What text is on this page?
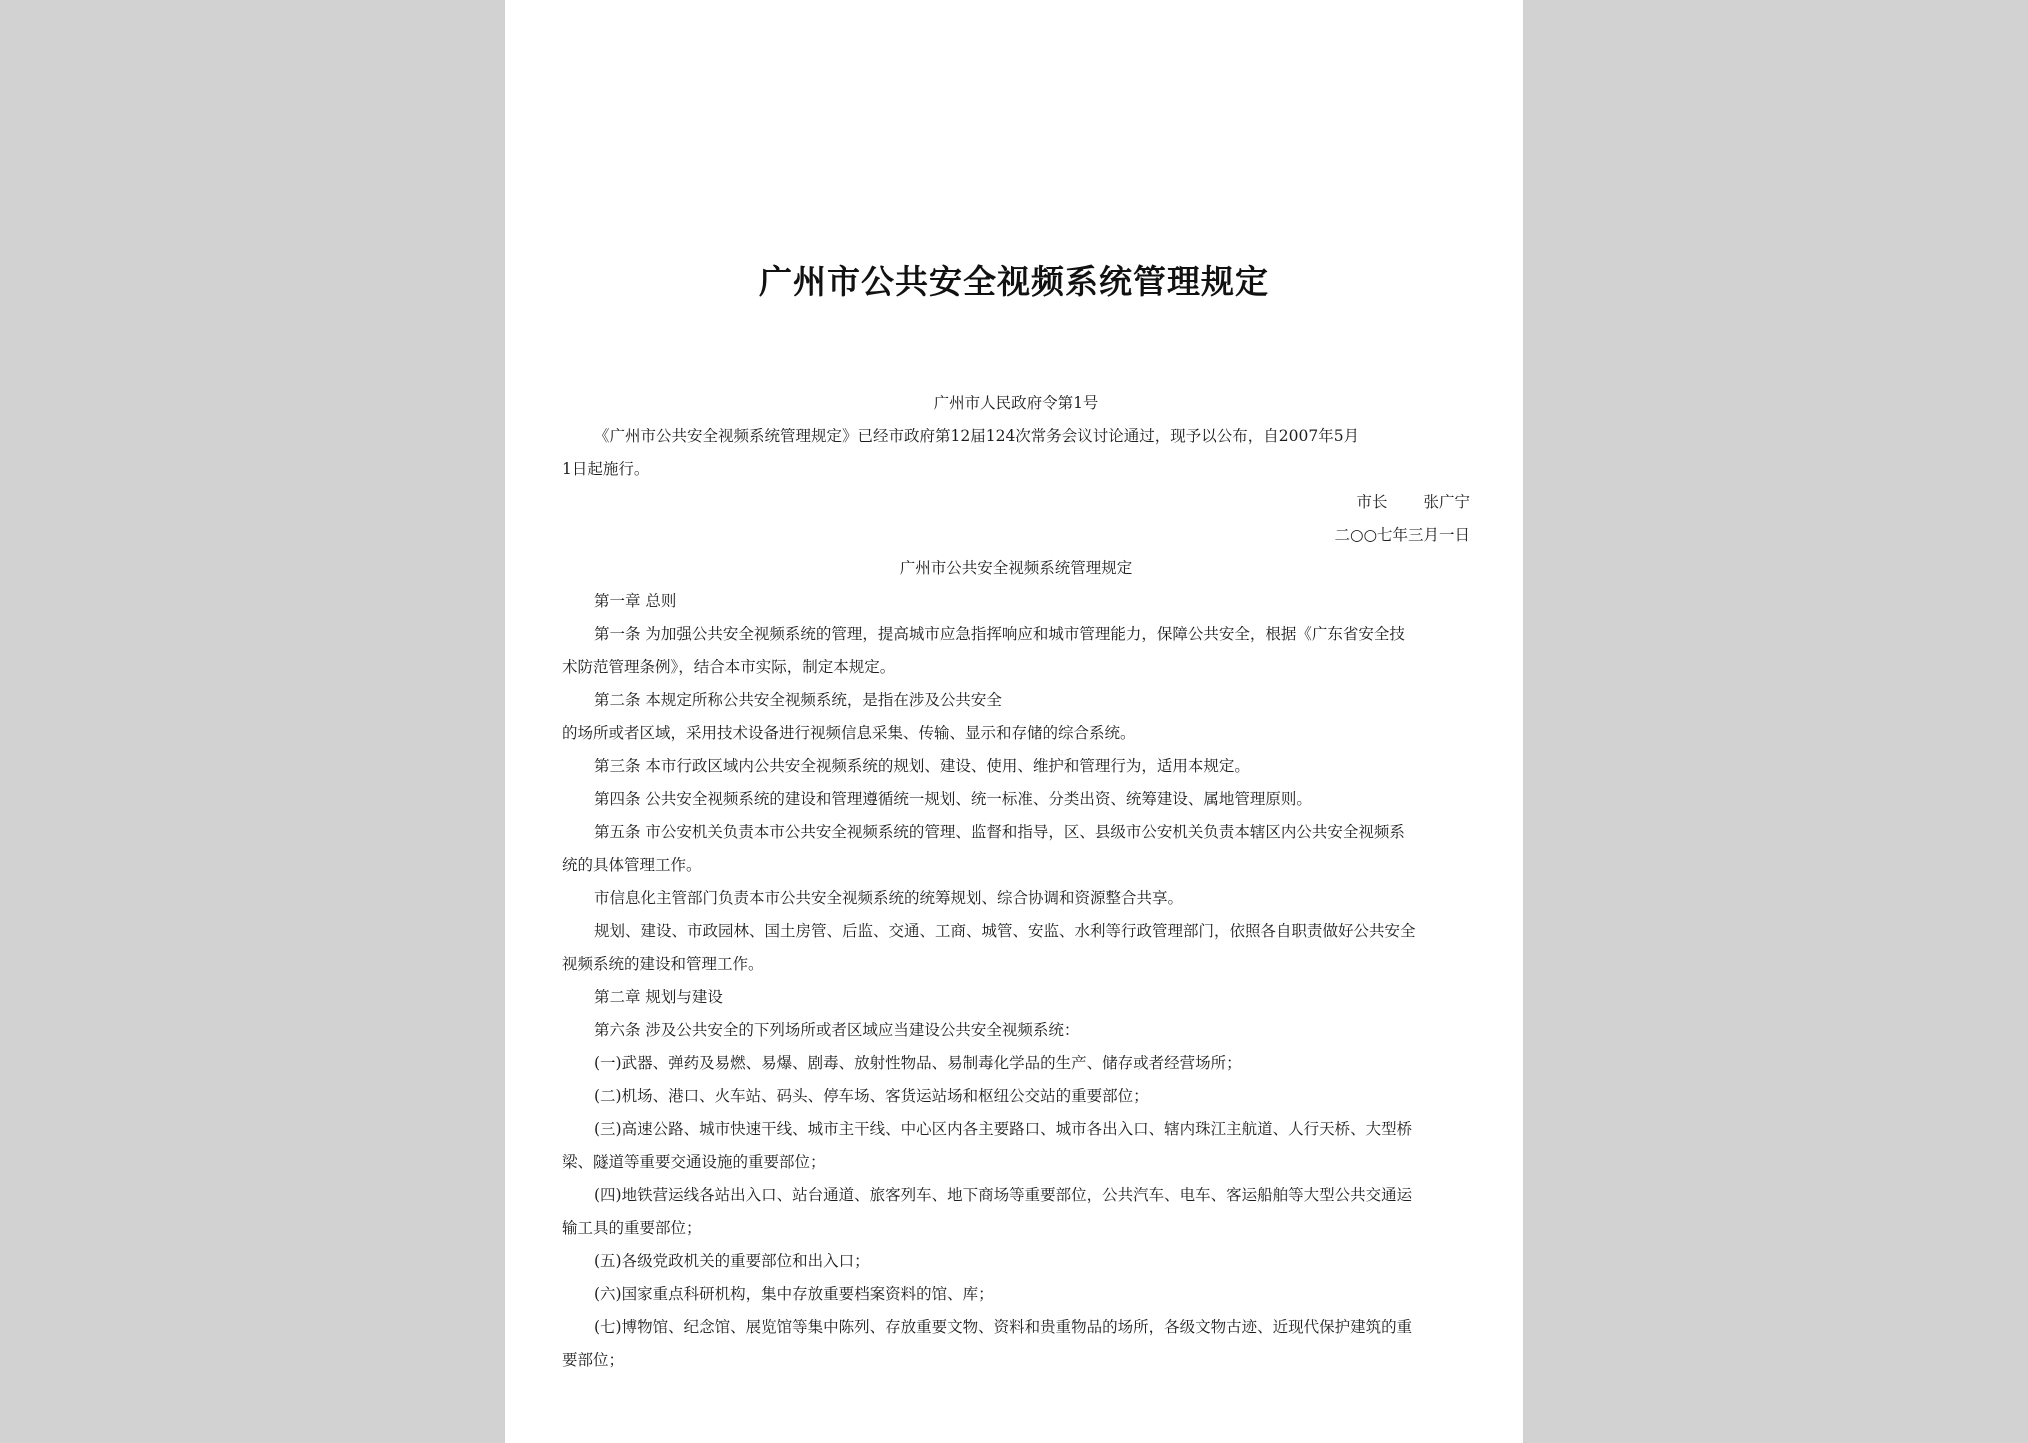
广州市公共安全视频系统管理规定
广州市人民政府令第1号
《广州市公共安全视频系统管理规定》已经市政府第12届124次常务会议讨论通过，现予以公布，自2007年5月
1日起施行。
市长 张广宁
二○○七年三月一日
广州市公共安全视频系统管理规定
第一章 总则
第一条 为加强公共安全视频系统的管理，提高城市应急指挥响应和城市管理能力，保障公共安全，根据《广东省安全技
术防范管理条例》，结合本市实际，制定本规定。
第二条 本规定所称公共安全视频系统，是指在涉及公共安全
的场所或者区域，采用技术设备进行视频信息采集、传输、显示和存储的综合系统。
第三条 本市行政区域内公共安全视频系统的规划、建设、使用、维护和管理行为，适用本规定。
第四条 公共安全视频系统的建设和管理遵循统一规划、统一标准、分类出资、统筹建设、属地管理原则。
第五条 市公安机关负责本市公共安全视频系统的管理、监督和指导，区、县级市公安机关负责本辖区内公共安全视频系
统的具体管理工作。
市信息化主管部门负责本市公共安全视频系统的统筹规划、综合协调和资源整合共享。
规划、建设、市政园林、国土房管、后监、交通、工商、城管、安监、水利等行政管理部门，依照各自职责做好公共安全
视频系统的建设和管理工作。
第二章 规划与建设
第六条 涉及公共安全的下列场所或者区域应当建设公共安全视频系统：
(一)武器、弹药及易燃、易爆、剧毒、放射性物品、易制毒化学品的生产、储存或者经营场所；
(二)机场、港口、火车站、码头、停车场、客货运站场和枢纽公交站的重要部位；
(三)高速公路、城市快速干线、城市主干线、中心区内各主要路口、城市各出入口、辖内珠江主航道、人行天桥、大型桥
梁、隧道等重要交通设施的重要部位；
(四)地铁营运线各站出入口、站台通道、旅客列车、地下商场等重要部位，公共汽车、电车、客运船舶等大型公共交通运
输工具的重要部位；
(五)各级党政机关的重要部位和出入口；
(六)国家重点科研机构，集中存放重要档案资料的馆、库；
(七)博物馆、纪念馆、展览馆等集中陈列、存放重要文物、资料和贵重物品的场所，各级文物古迹、近现代保护建筑的重
要部位；
